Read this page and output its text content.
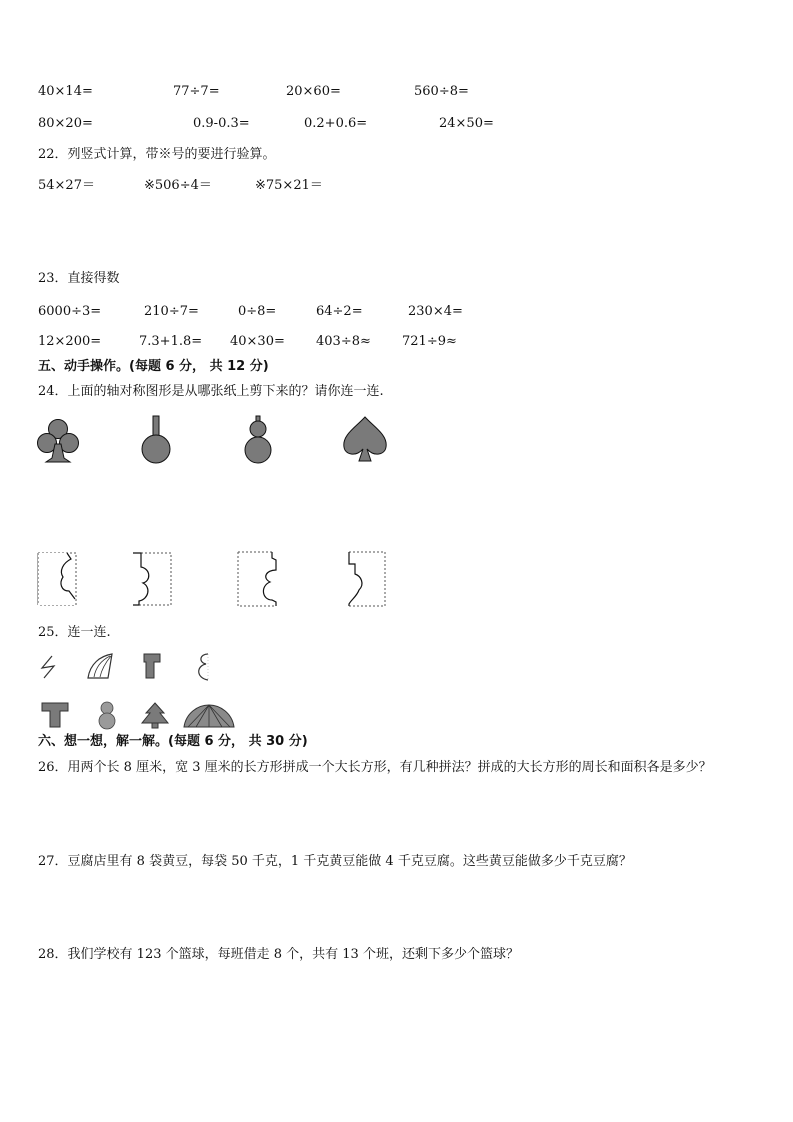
40×14=	77÷7=	20×60=	560÷8=
80×20=	0.9-0.3=	0.2+0.6=	24×50=
22．列竖式计算，带※号的要进行验算。
54×27＝	※506÷4＝	※75×21＝
23．直接得数
6000÷3=	210÷7=	0÷8=	64÷2=	230×4=
12×200=	7.3+1.8= 40×30= 403÷8≈ 721÷9≈
五、动手操作。(每题 6 分， 共 12 分)
24．上面的轴对称图形是从哪张纸上剪下来的？请你连一连.
25．连一连.
六、想一想，解一解。(每题 6 分， 共 30 分)
26．用两个长 8 厘米，宽 3 厘米的长方形拼成一个大长方形，有几种拼法？拼成的大长方形的周长和面积各是多少？
27．豆腐店里有 8 袋黄豆，每袋 50 千克，1 千克黄豆能做 4 千克豆腐。这些黄豆能做多少千克豆腐？
28．我们学校有 123 个篮球，每班借走 8 个，共有 13 个班，还剩下多少个篮球？
